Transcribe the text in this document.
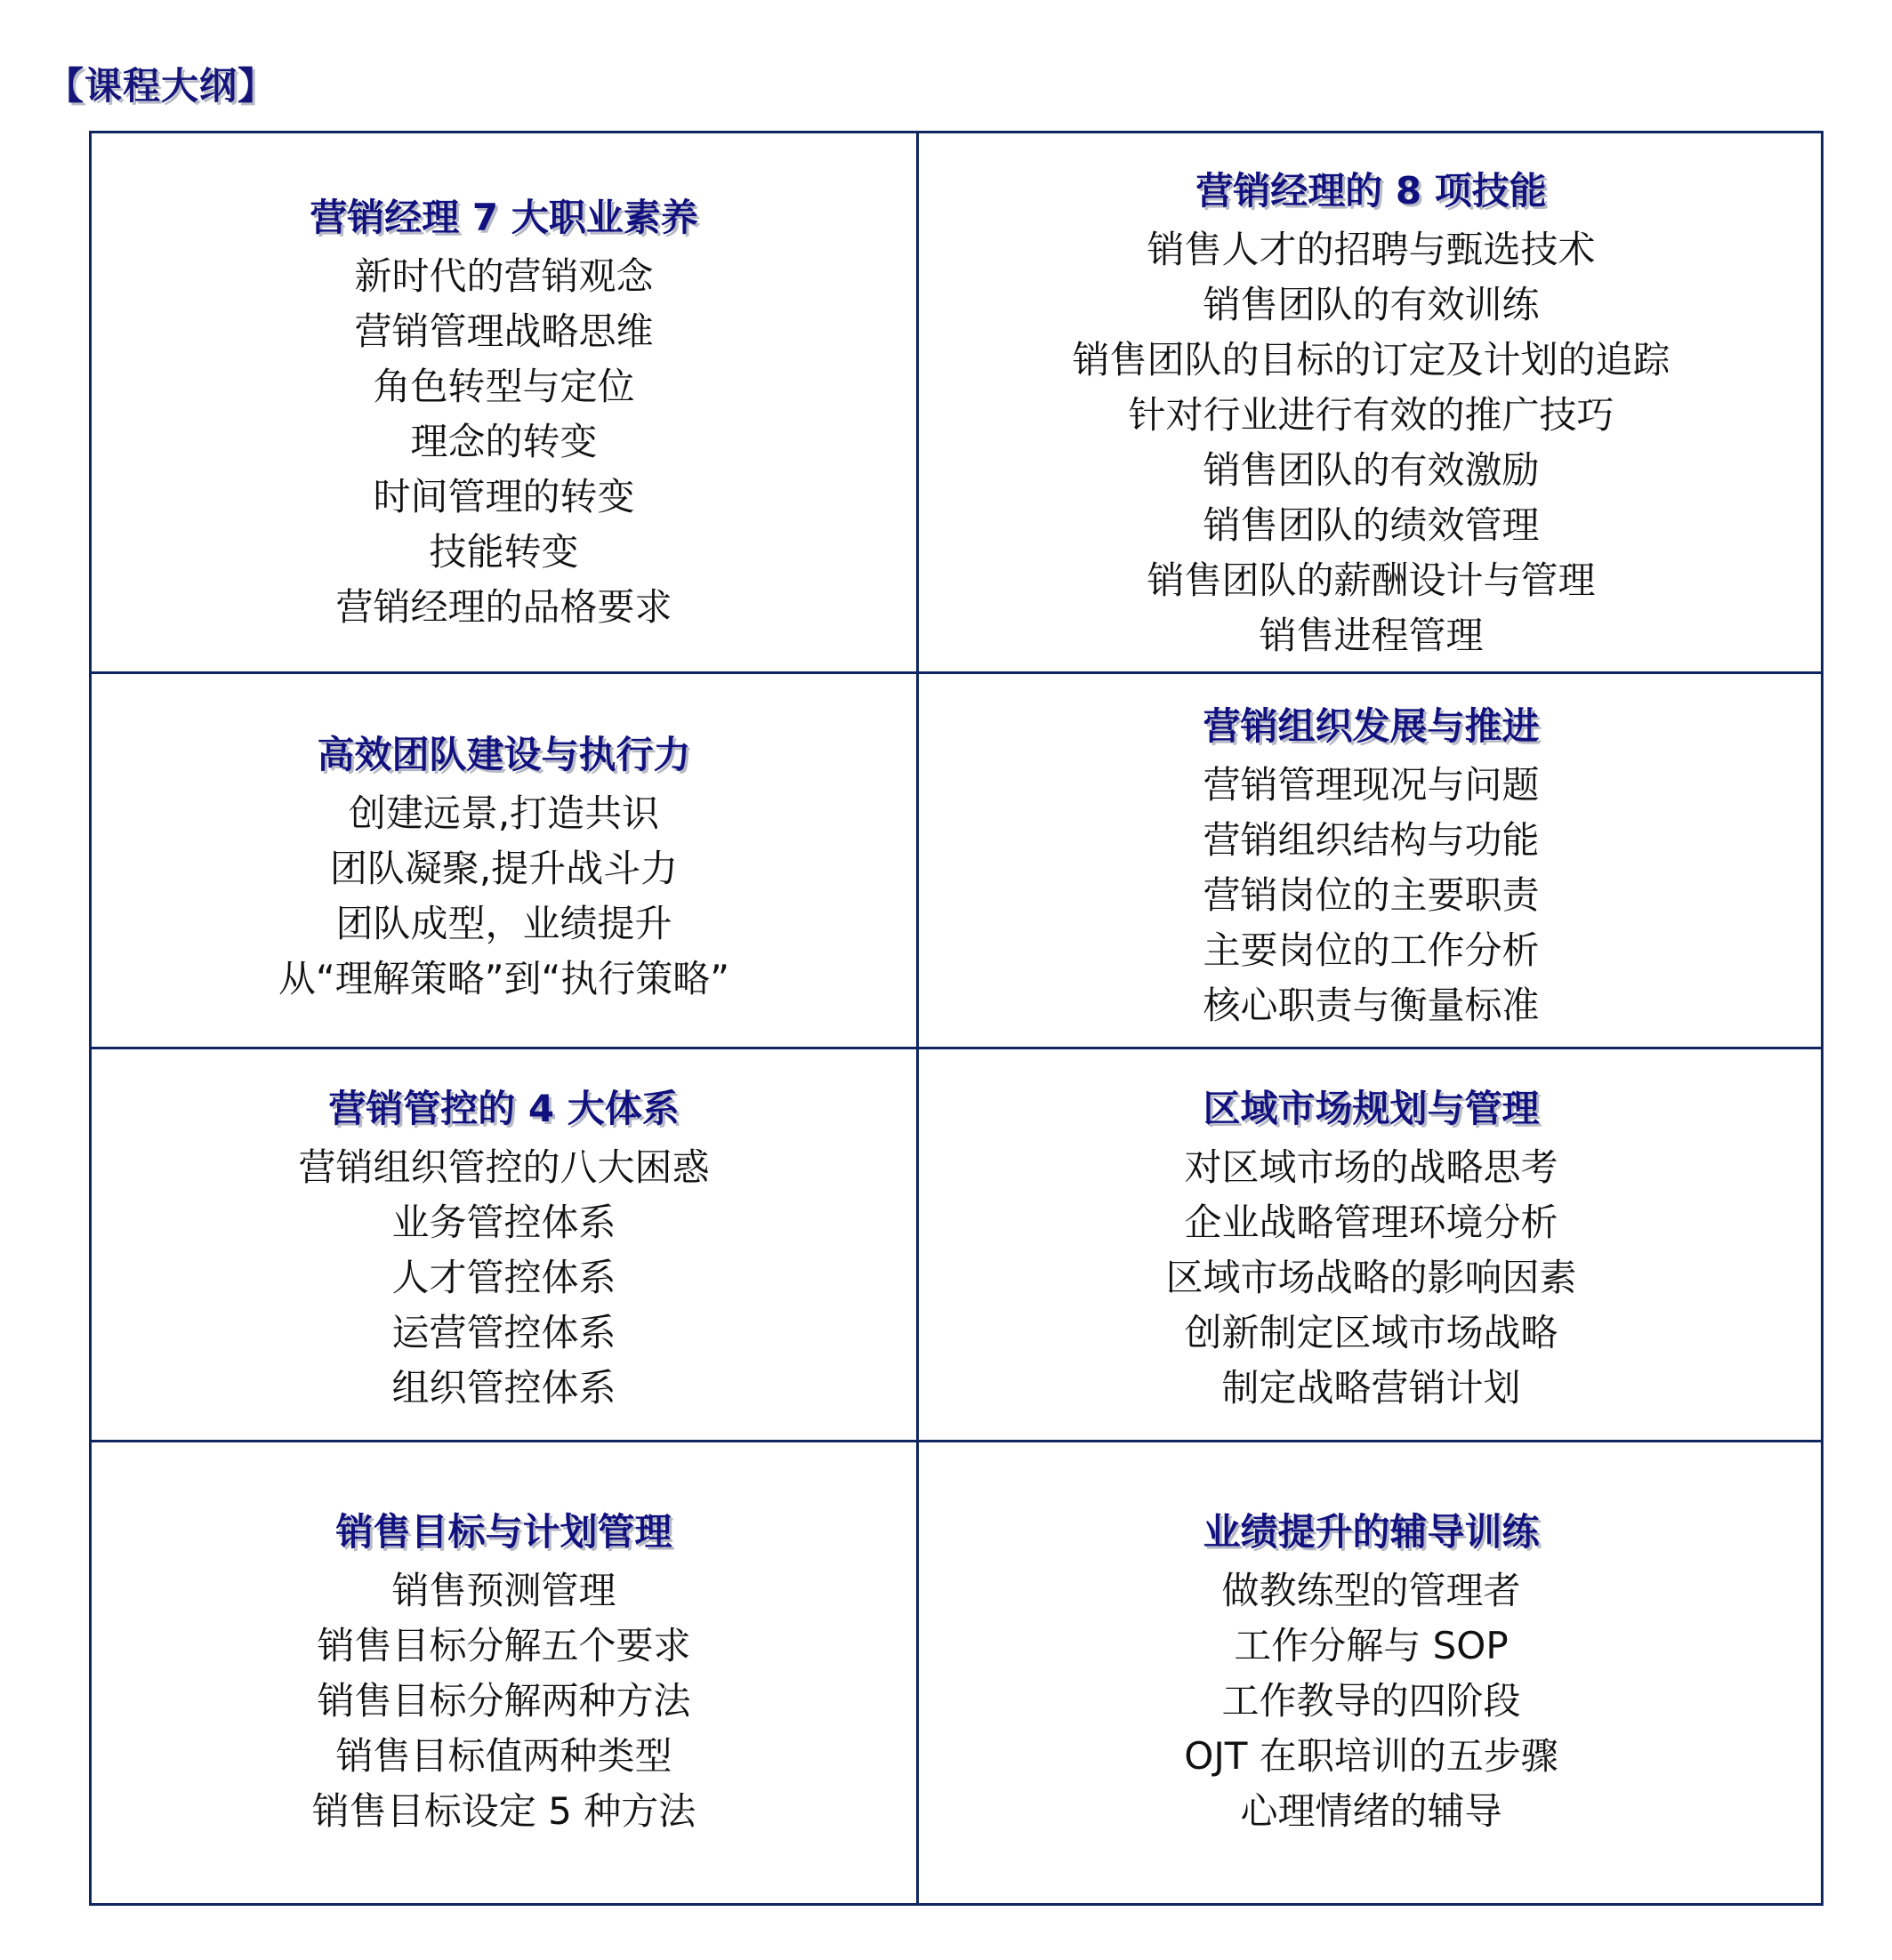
【课程大纲】
营销经理 7 大职业素养
新时代的营销观念
营销管理战略思维
角色转型与定位
理念的转变
时间管理的转变
技能转变
营销经理的品格要求
营销经理的 8 项技能
销售人才的招聘与甄选技术
销售团队的有效训练
销售团队的目标的订定及计划的追踪
针对行业进行有效的推广技巧
销售团队的有效激励
销售团队的绩效管理
销售团队的薪酬设计与管理
销售进程管理
高效团队建设与执行力
创建远景,打造共识
团队凝聚,提升战斗力
团队成型，业绩提升
从“理解策略”到“执行策略”
营销组织发展与推进
营销管理现况与问题
营销组织结构与功能
营销岗位的主要职责
主要岗位的工作分析
核心职责与衡量标准
营销管控的 4 大体系
营销组织管控的八大困惑
业务管控体系
人才管控体系
运营管控体系
组织管控体系
区域市场规划与管理
对区域市场的战略思考
企业战略管理环境分析
区域市场战略的影响因素
创新制定区域市场战略
制定战略营销计划
销售目标与计划管理
销售预测管理
销售目标分解五个要求
销售目标分解两种方法
销售目标值两种类型
销售目标设定 5 种方法
业绩提升的辅导训练
做教练型的管理者
工作分解与 SOP
工作教导的四阶段
OJT 在职培训的五步骤
心理情绪的辅导
